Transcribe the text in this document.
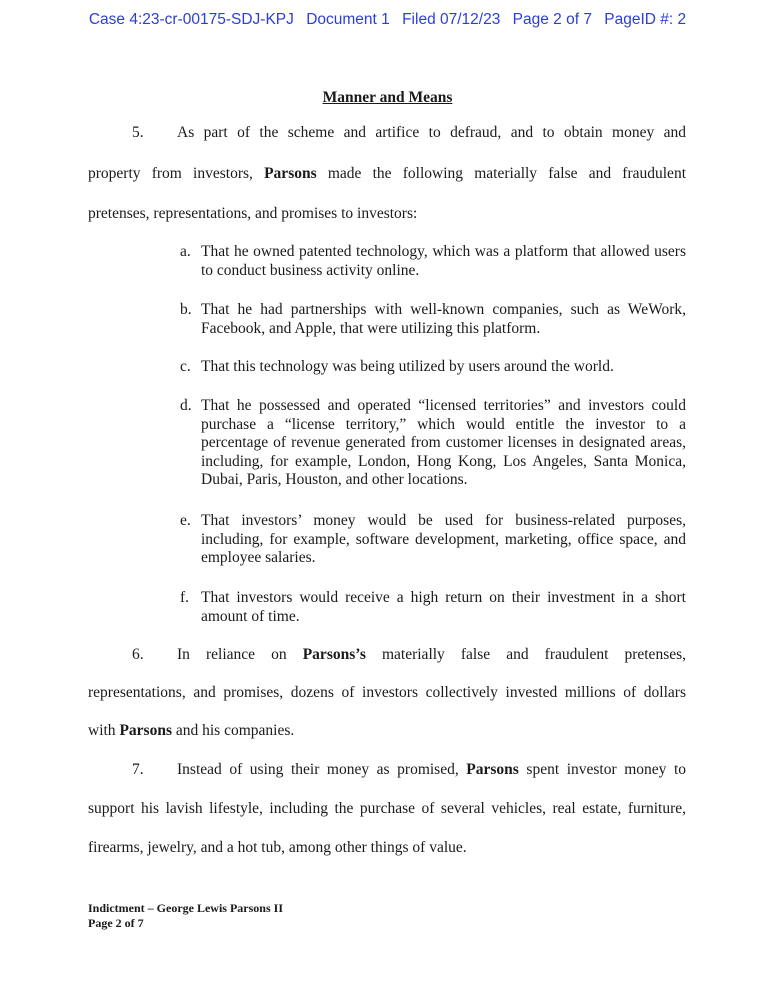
Case 4:23-cr-00175-SDJ-KPJ Document 1 Filed 07/12/23 Page 2 of 7 PageID #: 2
Manner and Means
5. As part of the scheme and artifice to defraud, and to obtain money and
property from investors, Parsons made the following materially false and fraudulent
pretenses, representations, and promises to investors:
a. That he owned patented technology, which was a platform that allowed users to conduct business activity online.
b. That he had partnerships with well-known companies, such as WeWork, Facebook, and Apple, that were utilizing this platform.
c. That this technology was being utilized by users around the world.
d. That he possessed and operated “licensed territories” and investors could purchase a “license territory,” which would entitle the investor to a percentage of revenue generated from customer licenses in designated areas, including, for example, London, Hong Kong, Los Angeles, Santa Monica, Dubai, Paris, Houston, and other locations.
e. That investors’ money would be used for business-related purposes, including, for example, software development, marketing, office space, and employee salaries.
f. That investors would receive a high return on their investment in a short amount of time.
6. In reliance on Parsons’s materially false and fraudulent pretenses,
representations, and promises, dozens of investors collectively invested millions of dollars
with Parsons and his companies.
7. Instead of using their money as promised, Parsons spent investor money to
support his lavish lifestyle, including the purchase of several vehicles, real estate, furniture,
firearms, jewelry, and a hot tub, among other things of value.
Indictment – George Lewis Parsons II
Page 2 of 7
